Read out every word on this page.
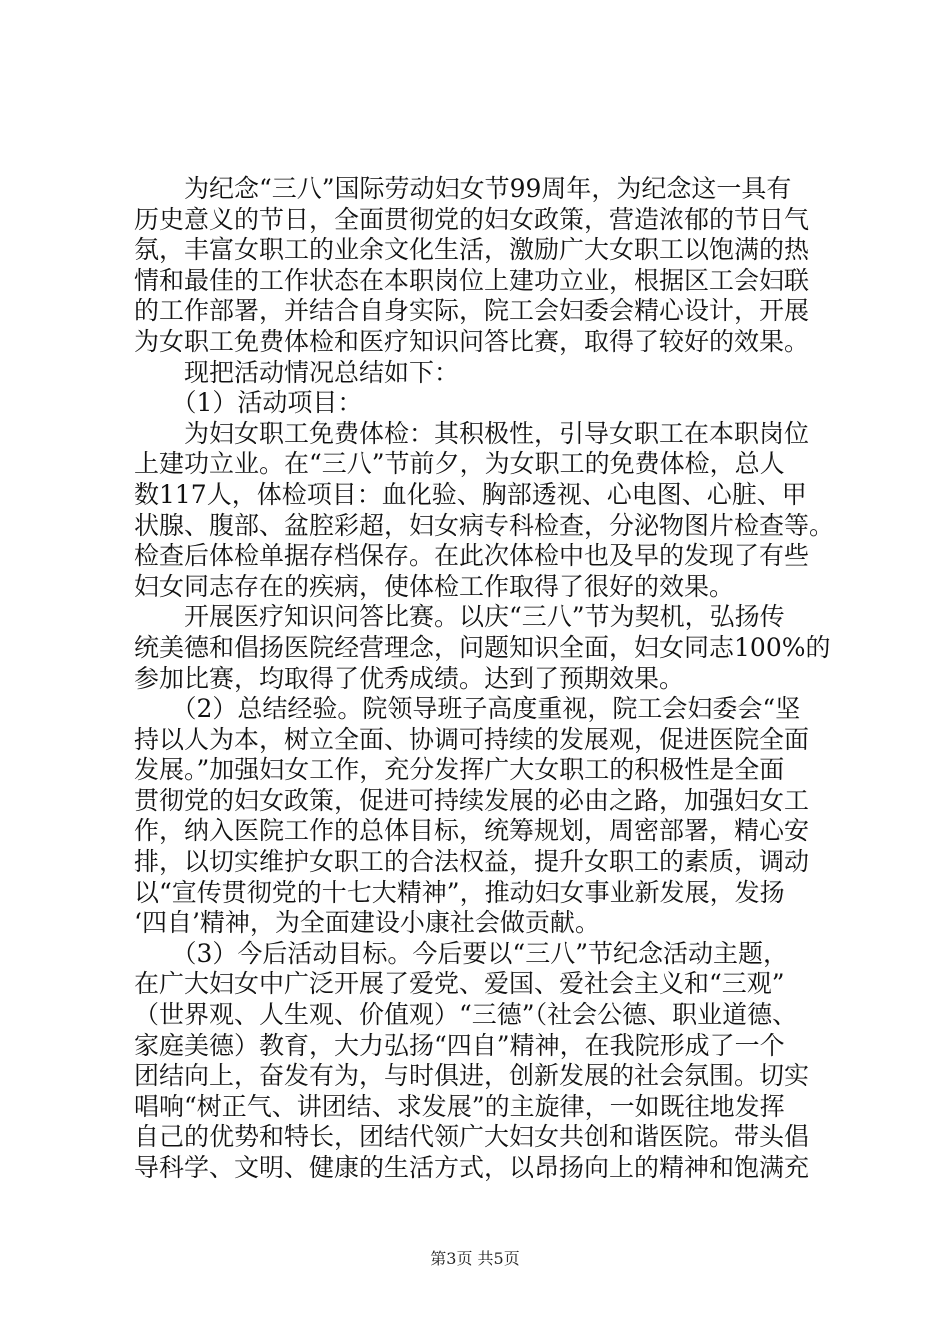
　　为纪念“三八”国际劳动妇女节99周年，为纪念这一具有
历史意义的节日，全面贯彻党的妇女政策，营造浓郁的节日气
氛，丰富女职工的业余文化生活，激励广大女职工以饱满的热
情和最佳的工作状态在本职岗位上建功立业，根据区工会妇联
的工作部署，并结合自身实际，院工会妇委会精心设计，开展
为女职工免费体检和医疗知识问答比赛，取得了较好的效果。
　　现把活动情况总结如下：
　　（1）活动项目：
　　为妇女职工免费体检：其积极性，引导女职工在本职岗位
上建功立业。在“三八”节前夕，为女职工的免费体检，总人
数117人，体检项目：血化验、胸部透视、心电图、心脏、甲
状腺、腹部、盆腔彩超，妇女病专科检查，分泌物图片检查等。
检查后体检单据存档保存。在此次体检中也及早的发现了有些
妇女同志存在的疾病，使体检工作取得了很好的效果。
　　开展医疗知识问答比赛。以庆“三八”节为契机，弘扬传
统美德和倡扬医院经营理念，问题知识全面，妇女同志100%的
参加比赛，均取得了优秀成绩。达到了预期效果。
　　（2）总结经验。院领导班子高度重视，院工会妇委会“坚
持以人为本，树立全面、协调可持续的发展观，促进医院全面
发展。”加强妇女工作，充分发挥广大女职工的积极性是全面
贯彻党的妇女政策，促进可持续发展的必由之路，加强妇女工
作，纳入医院工作的总体目标，统筹规划，周密部署，精心安
排，以切实维护女职工的合法权益，提升女职工的素质，调动
以“宣传贯彻党的十七大精神”，推动妇女事业新发展，发扬
‘四自’精神，为全面建设小康社会做贡献。
　　（3）今后活动目标。今后要以“三八”节纪念活动主题，
在广大妇女中广泛开展了爱党、爱国、爱社会主义和“三观”
（世界观、人生观、价值观）“三德”（社会公德、职业道德、
家庭美德）教育，大力弘扬“四自”精神，在我院形成了一个
团结向上，奋发有为，与时俱进，创新发展的社会氛围。切实
唱响“树正气、讲团结、求发展”的主旋律，一如既往地发挥
自己的优势和特长，团结代领广大妇女共创和谐医院。带头倡
导科学、文明、健康的生活方式，以昂扬向上的精神和饱满充
第3页 共5页
